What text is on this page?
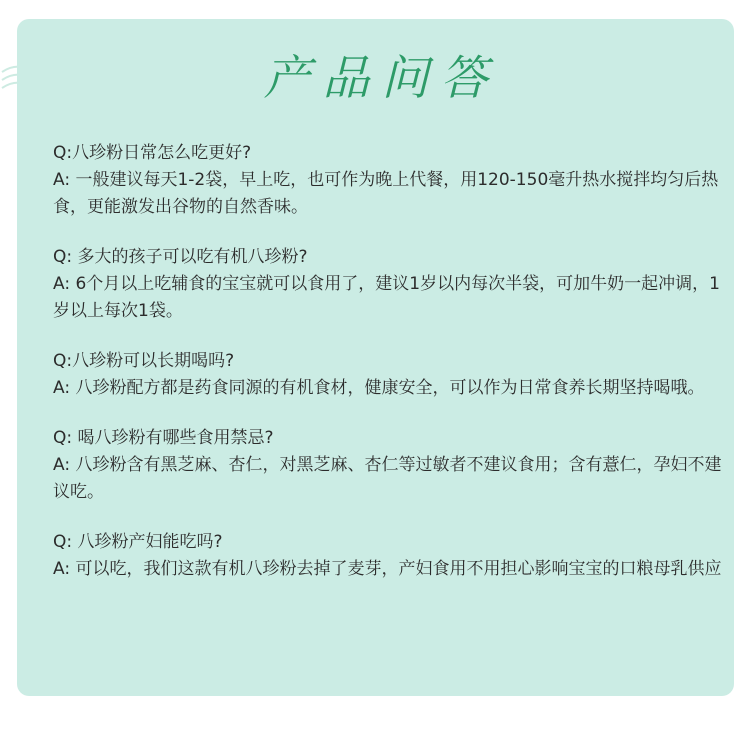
产品问答

Q:八珍粉日常怎么吃更好?

A: 一般建议每天1-2袋，早上吃，也可作为晚上代餐，用120-150毫升热水搅拌均匀后热食，更能激发出谷物的自然香味。

Q: 多大的孩子可以吃有机八珍粉?

A: 6个月以上吃辅食的宝宝就可以食用了，建议1岁以内每次半袋，可加牛奶一起冲调，1岁以上每次1袋。

Q:八珍粉可以长期喝吗?

A: 八珍粉配方都是药食同源的有机食材，健康安全，可以作为日常食养长期坚持喝哦。

Q: 喝八珍粉有哪些食用禁忌?

A: 八珍粉含有黑芝麻、杏仁，对黑芝麻、杏仁等过敏者不建议食用；含有薏仁，孕妇不建议吃。

Q: 八珍粉产妇能吃吗?

A: 可以吃，我们这款有机八珍粉去掉了麦芽，产妇食用不用担心影响宝宝的口粮母乳供应
